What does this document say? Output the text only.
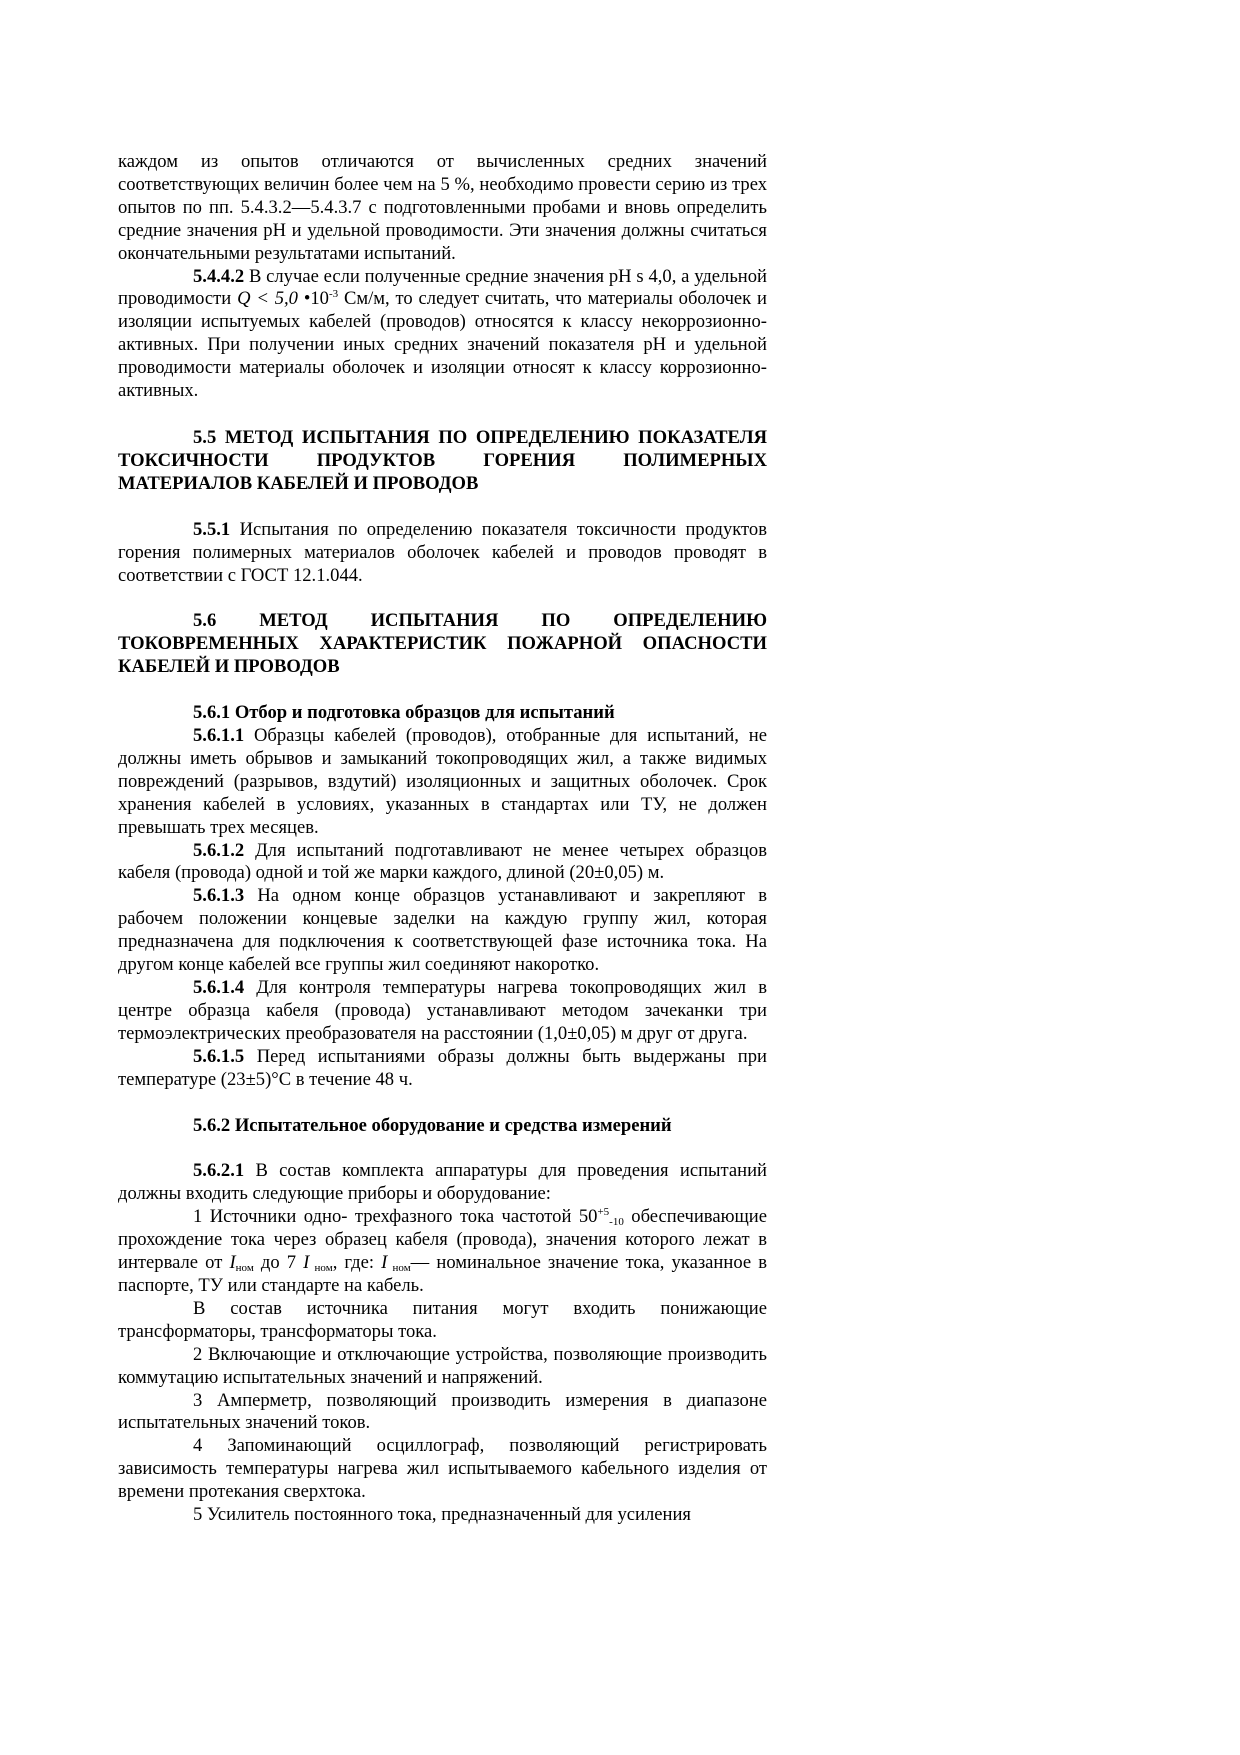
каждом из опытов отличаются от вычисленных средних значений соответствующих величин более чем на 5 %, необходимо провести серию из трех опытов по пп. 5.4.3.2—5.4.3.7 с подготовленными пробами и вновь определить средние значения pH и удельной проводимости. Эти значения должны считаться окончательными результатами испытаний.

5.4.4.2 В случае если полученные средние значения pH s 4,0, а удельной проводимости Q < 5,0 $•10^{-3}$ См/м, то следует считать, что материалы оболочек и изоляции испытуемых кабелей (проводов) относятся к классу некоррозионно-активных. При получении иных средних значений показателя pH и удельной проводимости материалы оболочек и изоляции относят к классу коррозионно-активных.

5.5 МЕТОД ИСПЫТАНИЯ ПО ОПРЕДЕЛЕНИЮ ПОКАЗАТЕЛЯ ТОКСИЧНОСТИ ПРОДУКТОВ ГОРЕНИЯ ПОЛИМЕРНЫХ МАТЕРИАЛОВ КАБЕЛЕЙ И ПРОВОДОВ

5.5.1 Испытания по определению показателя токсичности продуктов горения полимерных материалов оболочек кабелей и проводов проводят в соответствии с ГОСТ 12.1.044.

5.6 МЕТОД ИСПЫТАНИЯ ПО ОПРЕДЕЛЕНИЮ ТОКОВРЕМЕННЫХ ХАРАКТЕРИСТИК ПОЖАРНОЙ ОПАСНОСТИ КАБЕЛЕЙ И ПРОВОДОВ

5.6.1 Отбор и подготовка образцов для испытаний

5.6.1.1 Образцы кабелей (проводов), отобранные для испытаний, не должны иметь обрывов и замыканий токопроводящих жил, а также видимых повреждений (разрывов, вздутий) изоляционных и защитных оболочек. Срок хранения кабелей в условиях, указанных в стандартах или ТУ, не должен превышать трех месяцев.

5.6.1.2 Для испытаний подготавливают не менее четырех образцов кабеля (провода) одной и той же марки каждого, длиной (20±0,05) м.

5.6.1.3 На одном конце образцов устанавливают и закрепляют в рабочем положении концевые заделки на каждую группу жил, которая предназначена для подключения к соответствующей фазе источника тока. На другом конце кабелей все группы жил соединяют накоротко.

5.6.1.4 Для контроля температуры нагрева токопроводящих жил в центре образца кабеля (провода) устанавливают методом зачеканки три термоэлектрических преобразователя на расстоянии (1,0±0,05) м друг от друга.

5.6.1.5 Перед испытаниями образы должны быть выдержаны при температуре (23±5)°С в течение 48 ч.

5.6.2 Испытательное оборудование и средства измерений

5.6.2.1 В состав комплекта аппаратуры для проведения испытаний должны входить следующие приборы и оборудование:

1 Источники одно- трехфазного тока частотой $50^{+5}_{-10}$ обеспечивающие прохождение тока через образец кабеля (провода), значения которого лежат в интервале от $I_{ном}$ до 7 I $_{ном}$, где: I $_{ном}$— номинальное значение тока, указанное в паспорте, ТУ или стандарте на кабель.

В состав источника питания могут входить понижающие трансформаторы, трансформаторы тока.

2 Включающие и отключающие устройства, позволяющие производить коммутацию испытательных значений и напряжений.

3 Амперметр, позволяющий производить измерения в диапазоне испытательных значений токов.

4 Запоминающий осциллограф, позволяющий регистрировать зависимость температуры нагрева жил испытываемого кабельного изделия от времени протекания сверхтока.

5 Усилитель постоянного тока, предназначенный для усиления
